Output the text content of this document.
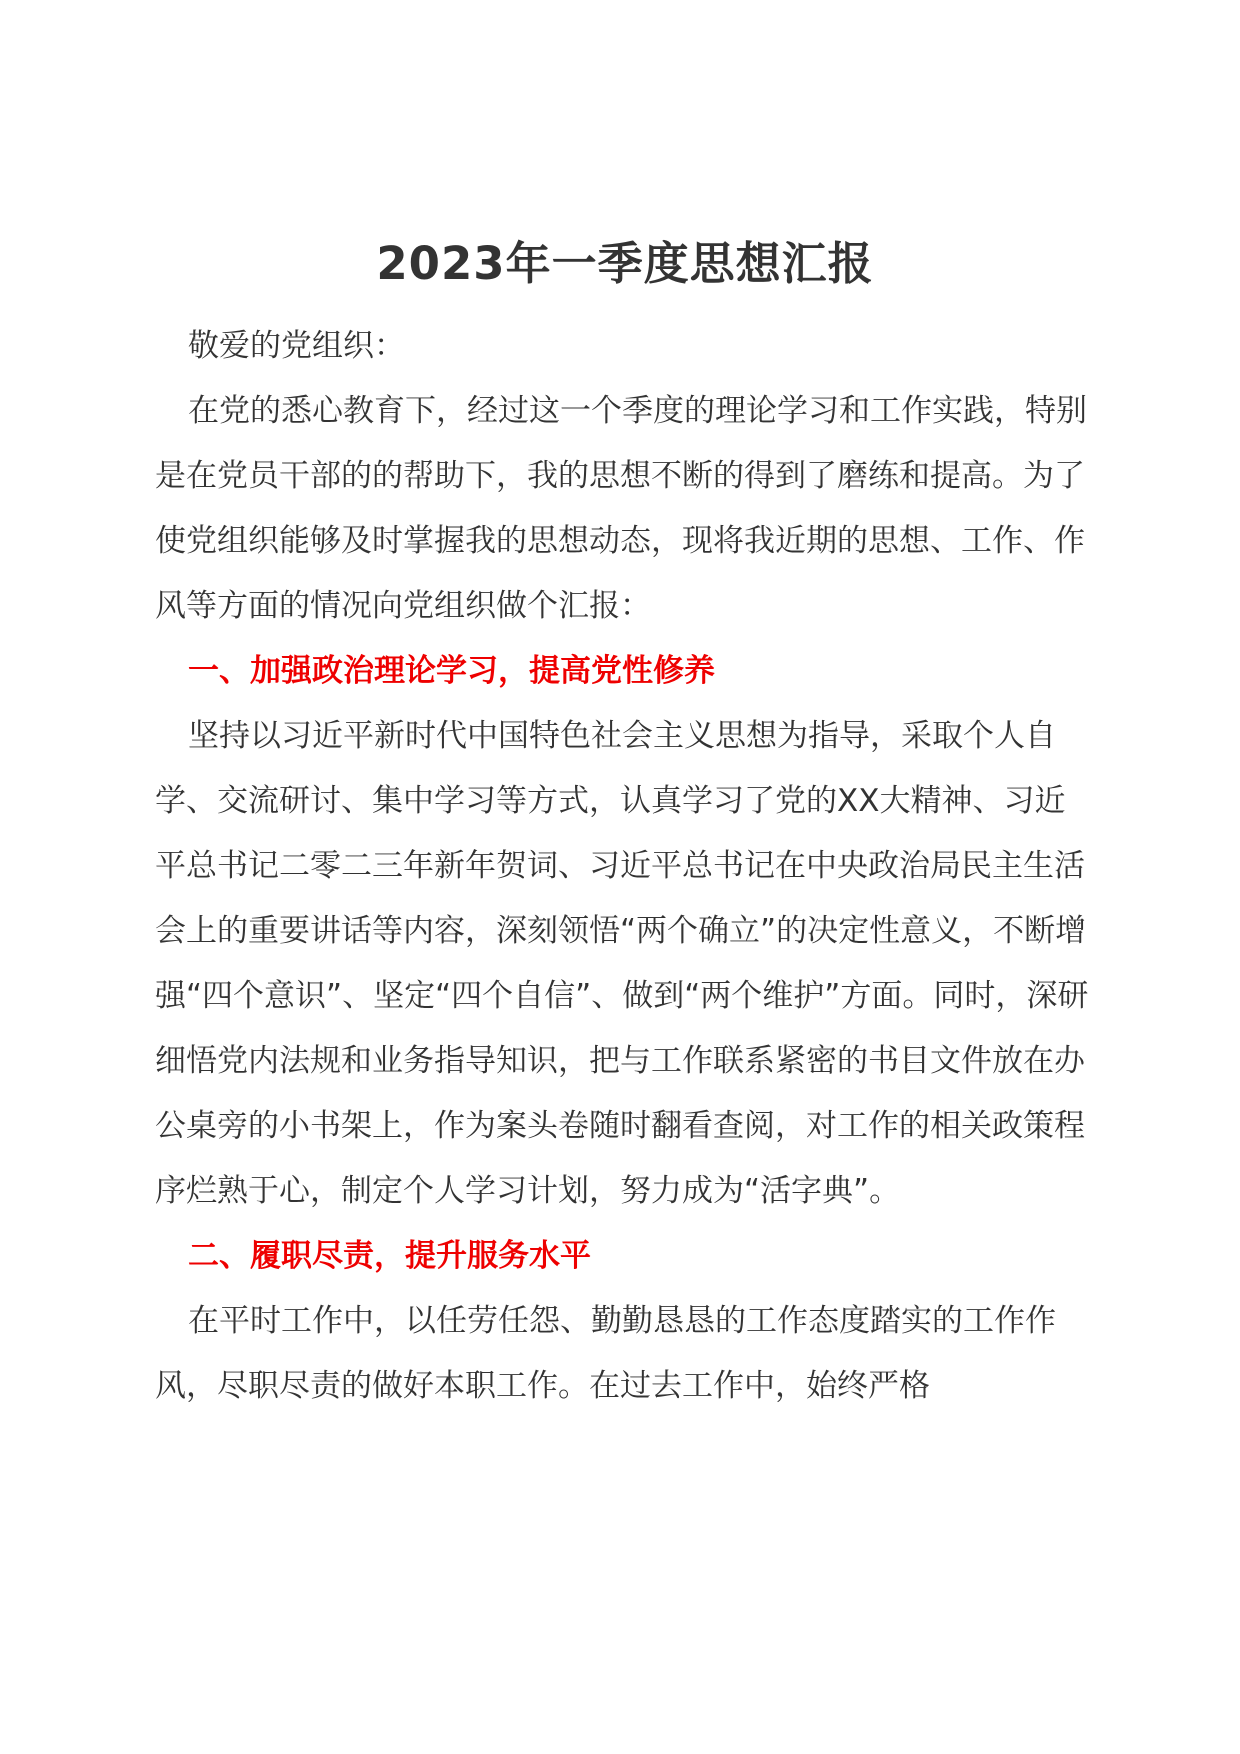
2023年一季度思想汇报

敬爱的党组织：

在党的悉心教育下，经过这一个季度的理论学习和工作实践，特别是在党员干部的的帮助下，我的思想不断的得到了磨练和提高。为了使党组织能够及时掌握我的思想动态，现将我近期的思想、工作、作风等方面的情况向党组织做个汇报：

一、加强政治理论学习，提高党性修养

坚持以习近平新时代中国特色社会主义思想为指导，采取个人自学、交流研讨、集中学习等方式，认真学习了党的XX大精神、习近平总书记二零二三年新年贺词、习近平总书记在中央政治局民主生活会上的重要讲话等内容，深刻领悟“两个确立”的决定性意义，不断增强“四个意识”、坚定“四个自信”、做到“两个维护”方面。同时，深研细悟党内法规和业务指导知识，把与工作联系紧密的书目文件放在办公桌旁的小书架上，作为案头卷随时翻看查阅，对工作的相关政策程序烂熟于心，制定个人学习计划，努力成为“活字典”。

二、履职尽责，提升服务水平

在平时工作中，以任劳任怨、勤勤恳恳的工作态度踏实的工作作风，尽职尽责的做好本职工作。在过去工作中，始终严格
